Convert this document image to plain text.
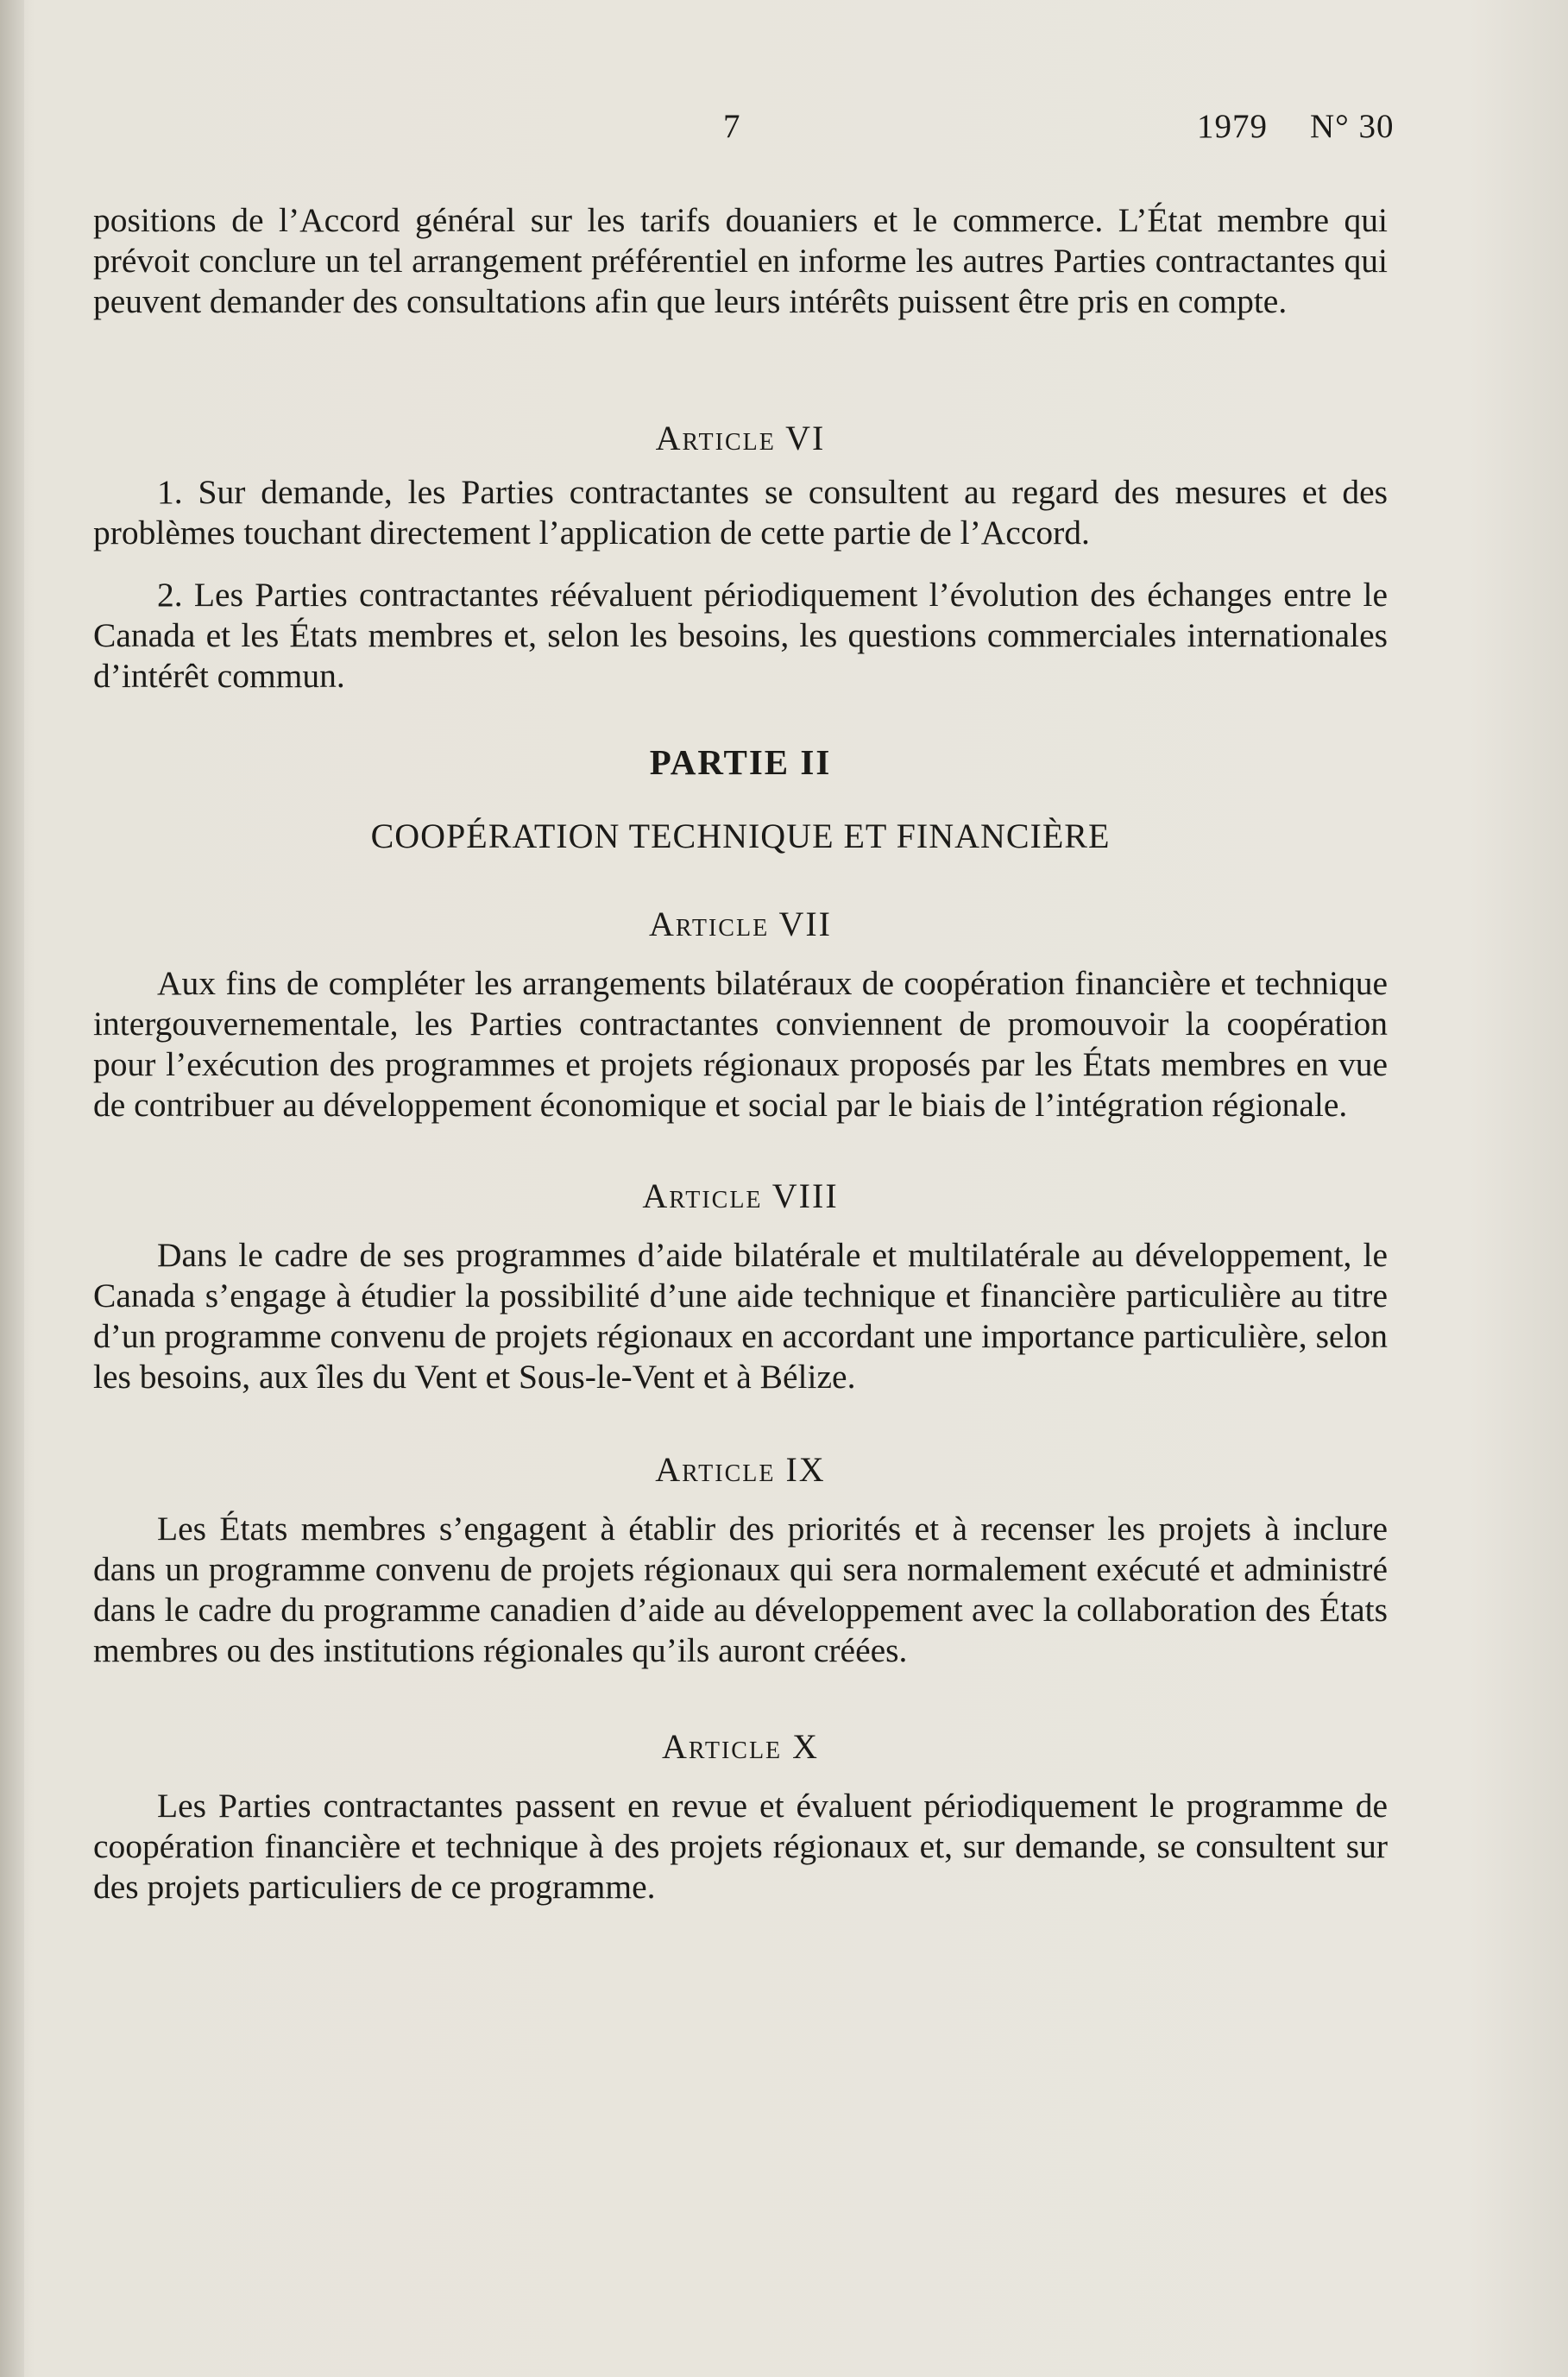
7	1979 N° 30

positions de l’Accord général sur les tarifs douaniers et le commerce. L’État membre qui prévoit conclure un tel arrangement préférentiel en informe les autres Parties contractantes qui peuvent demander des consultations afin que leurs intérêts puissent être pris en compte.

Article VI

1. Sur demande, les Parties contractantes se consultent au regard des mesures et des problèmes touchant directement l’application de cette partie de l’Accord.

2. Les Parties contractantes réévaluent périodiquement l’évolution des échanges entre le Canada et les États membres et, selon les besoins, les questions commerciales internationales d’intérêt commun.

PARTIE II

COOPÉRATION TECHNIQUE ET FINANCIÈRE

Article VII

Aux fins de compléter les arrangements bilatéraux de coopération financière et technique intergouvernementale, les Parties contractantes conviennent de promouvoir la coopération pour l’exécution des programmes et projets régionaux proposés par les États membres en vue de contribuer au développement économique et social par le biais de l’intégration régionale.

Article VIII

Dans le cadre de ses programmes d’aide bilatérale et multilatérale au développement, le Canada s’engage à étudier la possibilité d’une aide technique et financière particulière au titre d’un programme convenu de projets régionaux en accordant une importance particulière, selon les besoins, aux îles du Vent et Sous-le-Vent et à Bélize.

Article IX

Les États membres s’engagent à établir des priorités et à recenser les projets à inclure dans un programme convenu de projets régionaux qui sera normalement exécuté et administré dans le cadre du programme canadien d’aide au développement avec la collaboration des États membres ou des institutions régionales qu’ils auront créées.

Article X

Les Parties contractantes passent en revue et évaluent périodiquement le programme de coopération financière et technique à des projets régionaux et, sur demande, se consultent sur des projets particuliers de ce programme.
